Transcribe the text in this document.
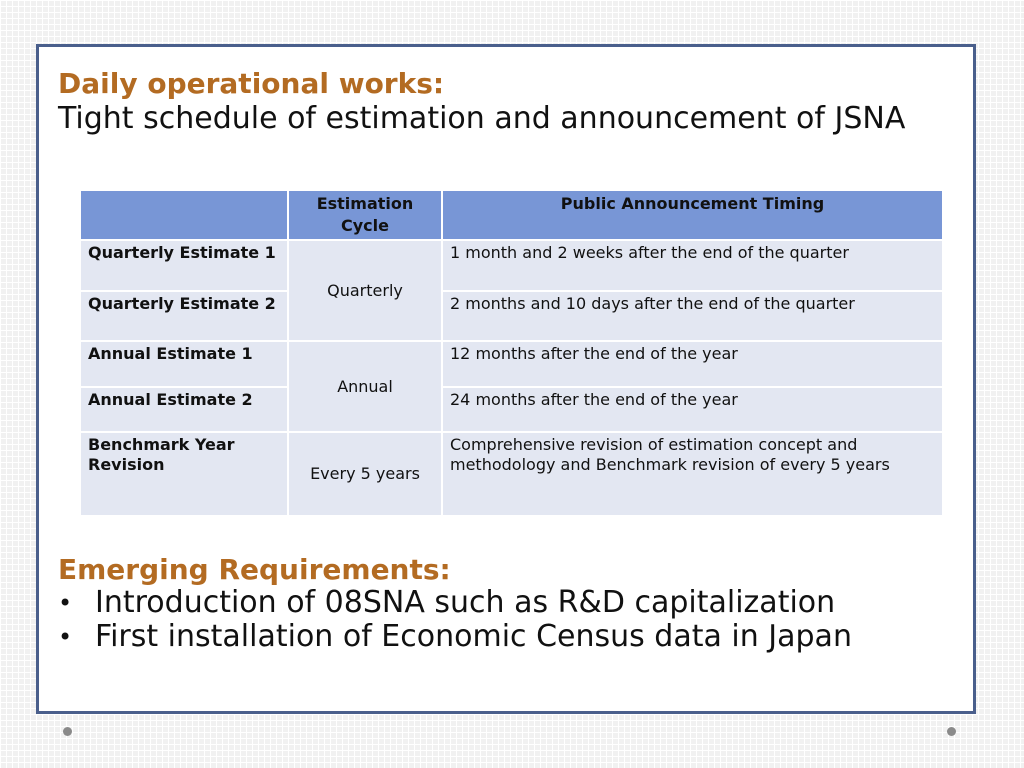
Daily operational works:
Tight schedule of estimation and announcement of JSNA
	Estimation Cycle	Public Announcement Timing
Quarterly Estimate 1	Quarterly	1 month and 2 weeks after the end of the quarter
Quarterly Estimate 2		2 months and 10 days after the end of the quarter
Annual Estimate 1	Annual	12 months after the end of the year
Annual Estimate 2		24 months after the end of the year
Benchmark Year Revision	Every 5 years	Comprehensive revision of estimation concept and methodology and Benchmark revision of every 5 years
Emerging Requirements:
• Introduction of 08SNA such as R&D capitalization
• First installation of Economic Census data in Japan
